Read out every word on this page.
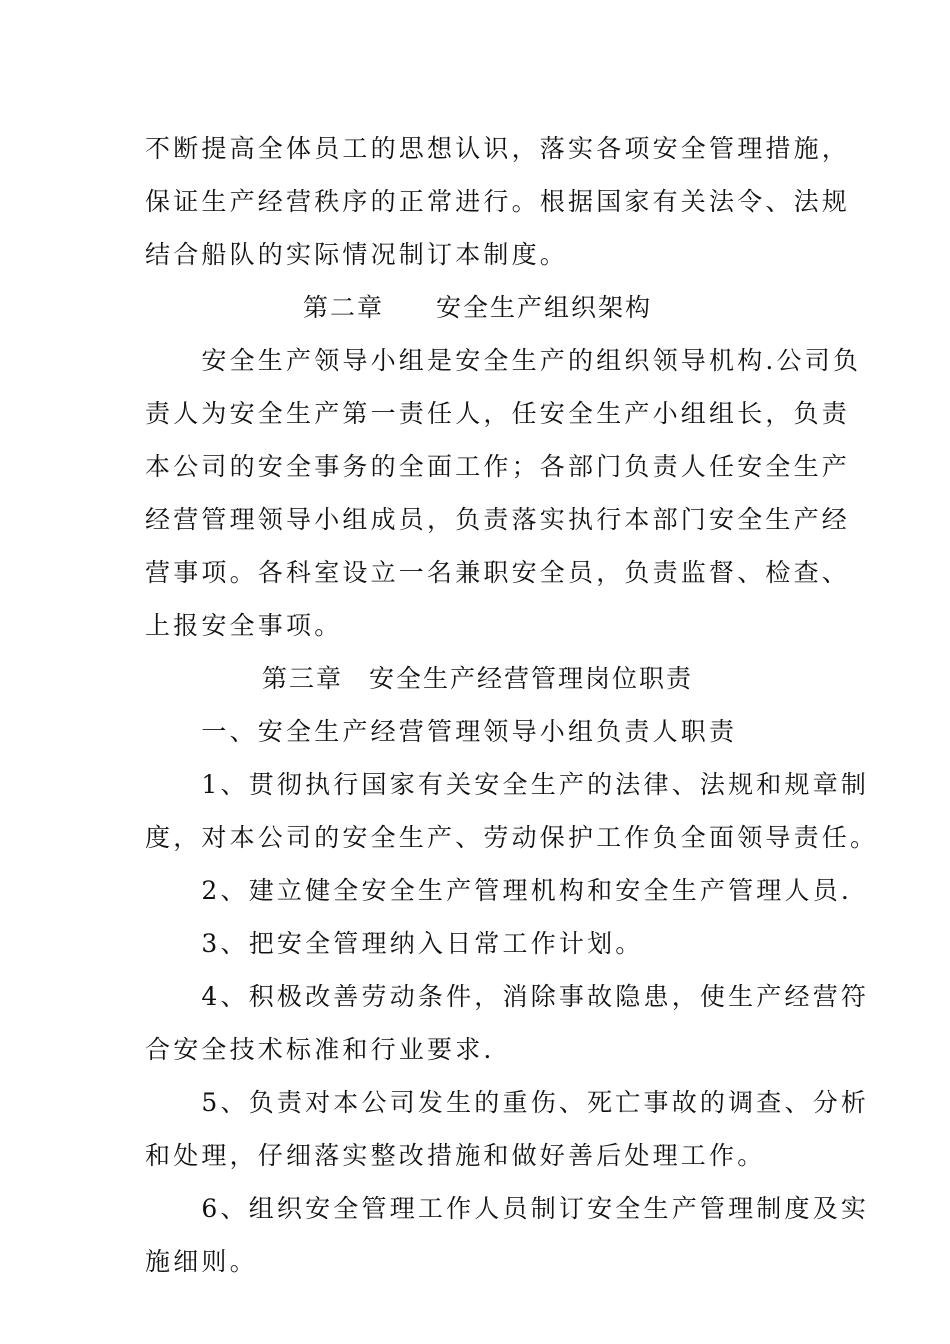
不断提高全体员工的思想认识，落实各项安全管理措施，
保证生产经营秩序的正常进行。根据国家有关法令、法规
结合船队的实际情况制订本制度。
第二章 安全生产组织架构
　　安全生产领导小组是安全生产的组织领导机构.公司负
责人为安全生产第一责任人，任安全生产小组组长，负责
本公司的安全事务的全面工作；各部门负责人任安全生产
经营管理领导小组成员，负责落实执行本部门安全生产经
营事项。各科室设立一名兼职安全员，负责监督、检查、
上报安全事项。
第三章 安全生产经营管理岗位职责
　　一、安全生产经营管理领导小组负责人职责
　　1、贯彻执行国家有关安全生产的法律、法规和规章制
度，对本公司的安全生产、劳动保护工作负全面领导责任。
　　2、建立健全安全生产管理机构和安全生产管理人员.
　　3、把安全管理纳入日常工作计划。
　　4、积极改善劳动条件，消除事故隐患，使生产经营符
合安全技术标准和行业要求.
　　5、负责对本公司发生的重伤、死亡事故的调查、分析
和处理，仔细落实整改措施和做好善后处理工作。
　　6、组织安全管理工作人员制订安全生产管理制度及实
施细则。
